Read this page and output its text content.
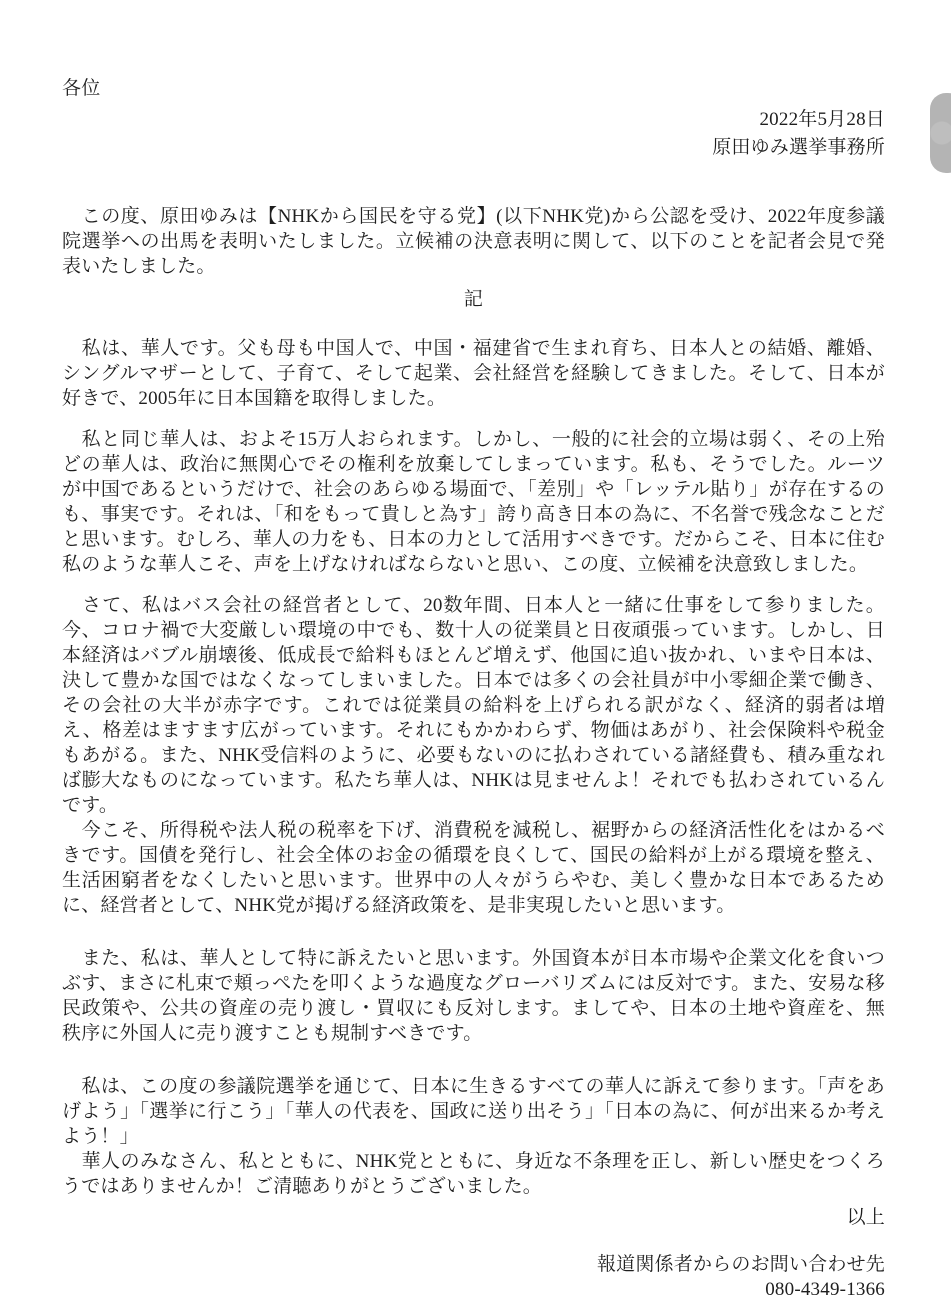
各位

2022年5月28日

原田ゆみ選挙事務所

　この度、原田ゆみは【NHKから国民を守る党】(以下NHK党)から公認を受け、2022年度参議院選挙への出馬を表明いたしました。立候補の決意表明に関して、以下のことを記者会見で発表いたしました。

記

　私は、華人です。父も母も中国人で、中国・福建省で生まれ育ち、日本人との結婚、離婚、シングルマザーとして、子育て、そして起業、会社経営を経験してきました。そして、日本が好きで、2005年に日本国籍を取得しました。

　私と同じ華人は、およそ15万人おられます。しかし、一般的に社会的立場は弱く、その上殆どの華人は、政治に無関心でその権利を放棄してしまっています。私も、そうでした。ルーツが中国であるというだけで、社会のあらゆる場面で、「差別」や「レッテル貼り」が存在するのも、事実です。それは、「和をもって貴しと為す」誇り高き日本の為に、不名誉で残念なことだと思います。むしろ、華人の力をも、日本の力として活用すべきです。だからこそ、日本に住む私のような華人こそ、声を上げなければならないと思い、この度、立候補を決意致しました。

　さて、私はバス会社の経営者として、20数年間、日本人と一緒に仕事をして参りました。今、コロナ禍で大変厳しい環境の中でも、数十人の従業員と日夜頑張っています。しかし、日本経済はバブル崩壊後、低成長で給料もほとんど増えず、他国に追い抜かれ、いまや日本は、決して豊かな国ではなくなってしまいました。日本では多くの会社員が中小零細企業で働き、その会社の大半が赤字です。これでは従業員の給料を上げられる訳がなく、経済的弱者は増え、格差はますます広がっています。それにもかかわらず、物価はあがり、社会保険料や税金もあがる。また、NHK受信料のように、必要もないのに払わされている諸経費も、積み重なれば膨大なものになっています。私たち華人は、NHKは見ませんよ！それでも払わされているんです。

　今こそ、所得税や法人税の税率を下げ、消費税を減税し、裾野からの経済活性化をはかるべきです。国債を発行し、社会全体のお金の循環を良くして、国民の給料が上がる環境を整え、生活困窮者をなくしたいと思います。世界中の人々がうらやむ、美しく豊かな日本であるために、経営者として、NHK党が掲げる経済政策を、是非実現したいと思います。

　また、私は、華人として特に訴えたいと思います。外国資本が日本市場や企業文化を食いつぶす、まさに札束で頬っぺたを叩くような過度なグローバリズムには反対です。また、安易な移民政策や、公共の資産の売り渡し・買収にも反対します。ましてや、日本の土地や資産を、無秩序に外国人に売り渡すことも規制すべきです。

　私は、この度の参議院選挙を通じて、日本に生きるすべての華人に訴えて参ります。「声をあげよう」「選挙に行こう」「華人の代表を、国政に送り出そう」「日本の為に、何が出来るか考えよう！」

　華人のみなさん、私とともに、NHK党とともに、身近な不条理を正し、新しい歴史をつくろうではありませんか！ご清聴ありがとうございました。

以上

報道関係者からのお問い合わせ先

080-4349-1366
